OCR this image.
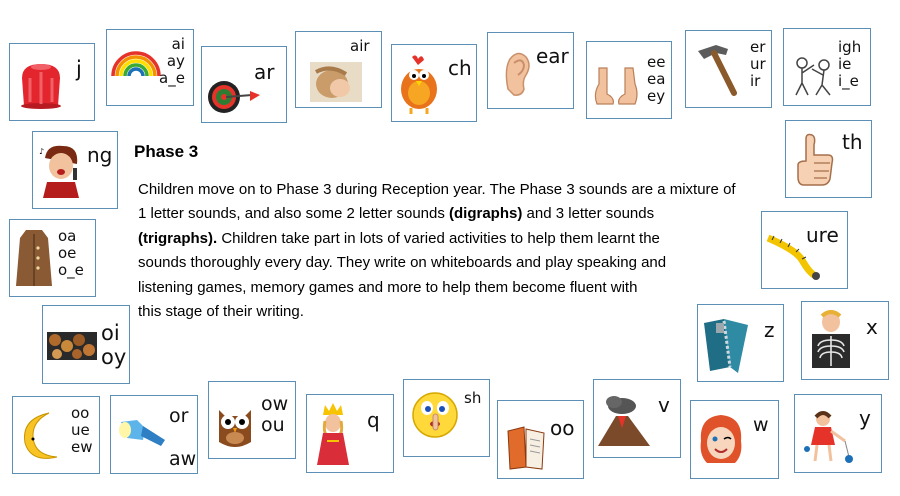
j
ai
ay
a_e	ar
air
ch	ear	ee
ea
ey
er
ur
ir
igh
ie
i_e
♪ ng Phase 3

Children move on to Phase 3 during Reception year. The Phase 3 sounds are a mixture of

1 letter sounds, and also some 2 letter sounds (digraphs) and 3 letter sounds

(trigraphs). Children take part in lots of varied activities to help them learnt the

sounds thoroughly every day. They write on whiteboards and play speaking and

listening games, memory games and more to help them become fluent with

this stage of their writing.

th
oa
oe
o_e
ure
oi
oy
z	x
oo
ue
ew
or

aw
ow
ou	q
sh
oo
v
w	y
